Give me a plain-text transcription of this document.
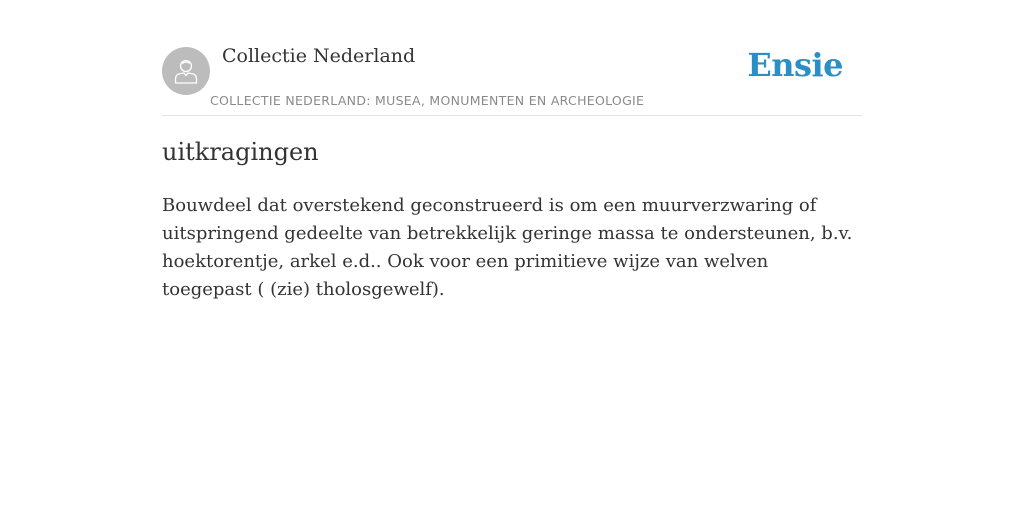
Collectie Nederland
COLLECTIE NEDERLAND: MUSEA, MONUMENTEN EN ARCHEOLOGIE
Ensie
uitkragingen

Bouwdeel dat overstekend geconstrueerd is om een muurverzwaring of uitspringend gedeelte van betrekkelijk geringe massa te ondersteunen, b.v. hoektorentje, arkel e.d.. Ook voor een primitieve wijze van welven toegepast ( (zie) tholosgewelf).
